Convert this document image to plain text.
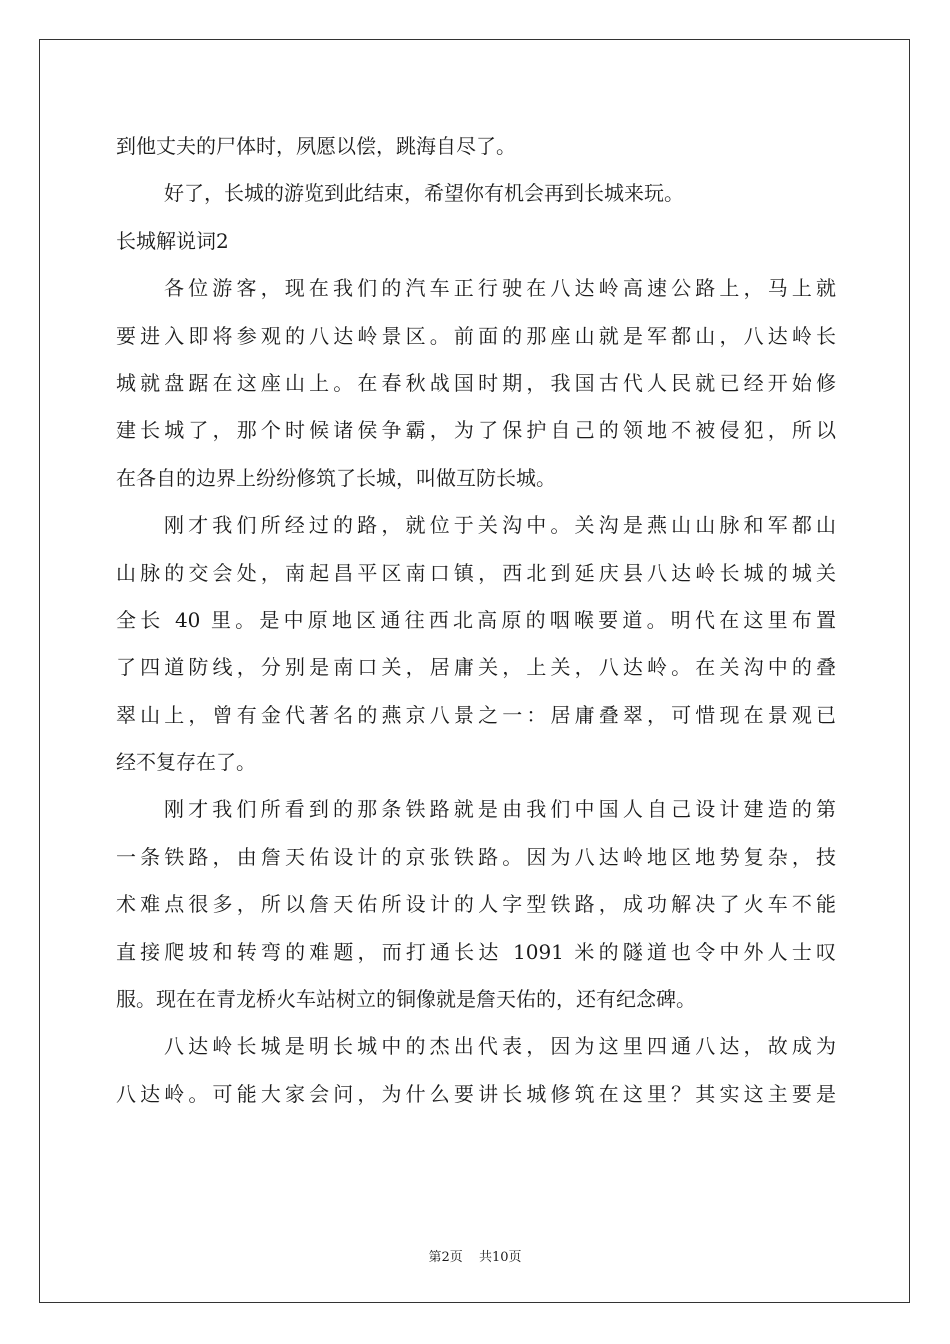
到他丈夫的尸体时，夙愿以偿，跳海自尽了。
好了，长城的游览到此结束，希望你有机会再到长城来玩。
长城解说词2
各位游客，现在我们的汽车正行驶在八达岭高速公路上，马上就
要进入即将参观的八达岭景区。前面的那座山就是军都山，八达岭长
城就盘踞在这座山上。在春秋战国时期，我国古代人民就已经开始修
建长城了，那个时候诸侯争霸，为了保护自己的领地不被侵犯，所以
在各自的边界上纷纷修筑了长城，叫做互防长城。
刚才我们所经过的路，就位于关沟中。关沟是燕山山脉和军都山
山脉的交会处，南起昌平区南口镇，西北到延庆县八达岭长城的城关
全长 40 里。是中原地区通往西北高原的咽喉要道。明代在这里布置
了四道防线，分别是南口关，居庸关，上关，八达岭。在关沟中的叠
翠山上，曾有金代著名的燕京八景之一：居庸叠翠，可惜现在景观已
经不复存在了。
刚才我们所看到的那条铁路就是由我们中国人自己设计建造的第
一条铁路，由詹天佑设计的京张铁路。因为八达岭地区地势复杂，技
术难点很多，所以詹天佑所设计的人字型铁路，成功解决了火车不能
直接爬坡和转弯的难题，而打通长达 1091 米的隧道也令中外人士叹
服。现在在青龙桥火车站树立的铜像就是詹天佑的，还有纪念碑。
八达岭长城是明长城中的杰出代表，因为这里四通八达，故成为
八达岭。可能大家会问，为什么要讲长城修筑在这里？其实这主要是
第2页 共10页
